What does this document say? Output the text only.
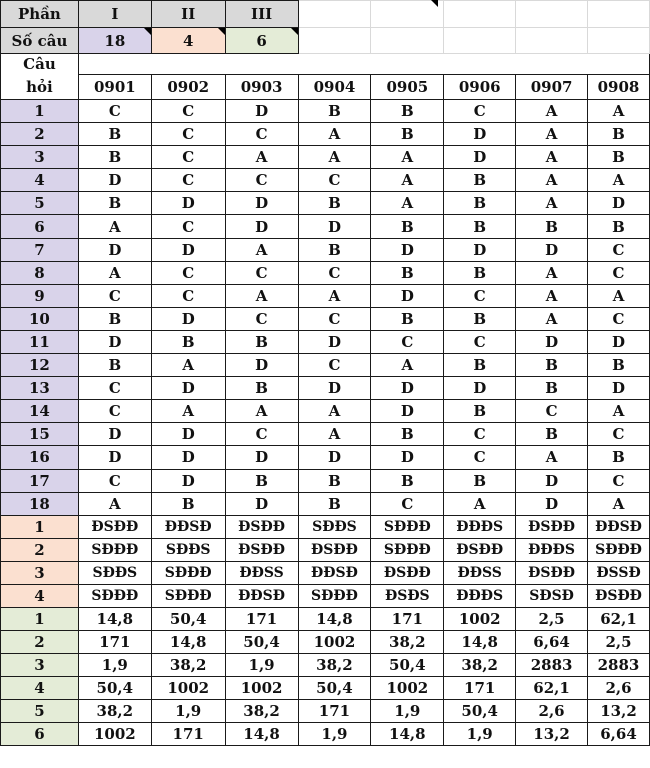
Phần	I	II	III					
Số câu	18	4	6					
Câu								
hỏi	0901	0902	0903	0904	0905	0906	0907	0908
1	C	C	D	B	B	C	A	A
2	B	C	C	A	B	D	A	B
3	B	C	A	A	A	D	A	B
4	D	C	C	C	A	B	A	A
5	B	D	D	B	A	B	A	D
6	A	C	D	D	B	B	B	B
7	D	D	A	B	D	D	D	C
8	A	C	C	C	B	B	A	C
9	C	C	A	A	D	C	A	A
10	B	D	C	C	B	B	A	C
11	D	B	B	D	C	C	D	D
12	B	A	D	C	A	B	B	B
13	C	D	B	D	D	D	B	D
14	C	A	A	A	D	B	C	A
15	D	D	C	A	B	C	B	C
16	D	D	D	D	D	C	A	B
17	C	D	B	B	B	B	D	C
18	A	B	D	B	C	A	D	A
1	ĐSĐĐ	ĐĐSĐ	ĐSĐĐ	SĐĐS	SĐĐĐ	ĐĐĐS	ĐSĐĐ	ĐĐSĐ
2	SĐĐĐ	SĐĐS	ĐSĐĐ	ĐSĐĐ	SĐĐĐ	ĐSĐĐ	ĐĐĐS	SĐĐĐ
3	SĐĐS	SĐĐĐ	ĐĐSS	ĐĐSĐ	ĐSĐĐ	ĐĐSS	ĐSĐĐ	ĐSSĐ
4	SĐĐĐ	SĐĐĐ	ĐĐSĐ	SĐĐĐ	ĐSĐS	ĐĐĐS	SĐSĐ	ĐSĐĐ
1	14,8	50,4	171	14,8	171	1002	2,5	62,1
2	171	14,8	50,4	1002	38,2	14,8	6,64	2,5
3	1,9	38,2	1,9	38,2	50,4	38,2	2883	2883
4	50,4	1002	1002	50,4	1002	171	62,1	2,6
5	38,2	1,9	38,2	171	1,9	50,4	2,6	13,2
6	1002	171	14,8	1,9	14,8	1,9	13,2	6,64
